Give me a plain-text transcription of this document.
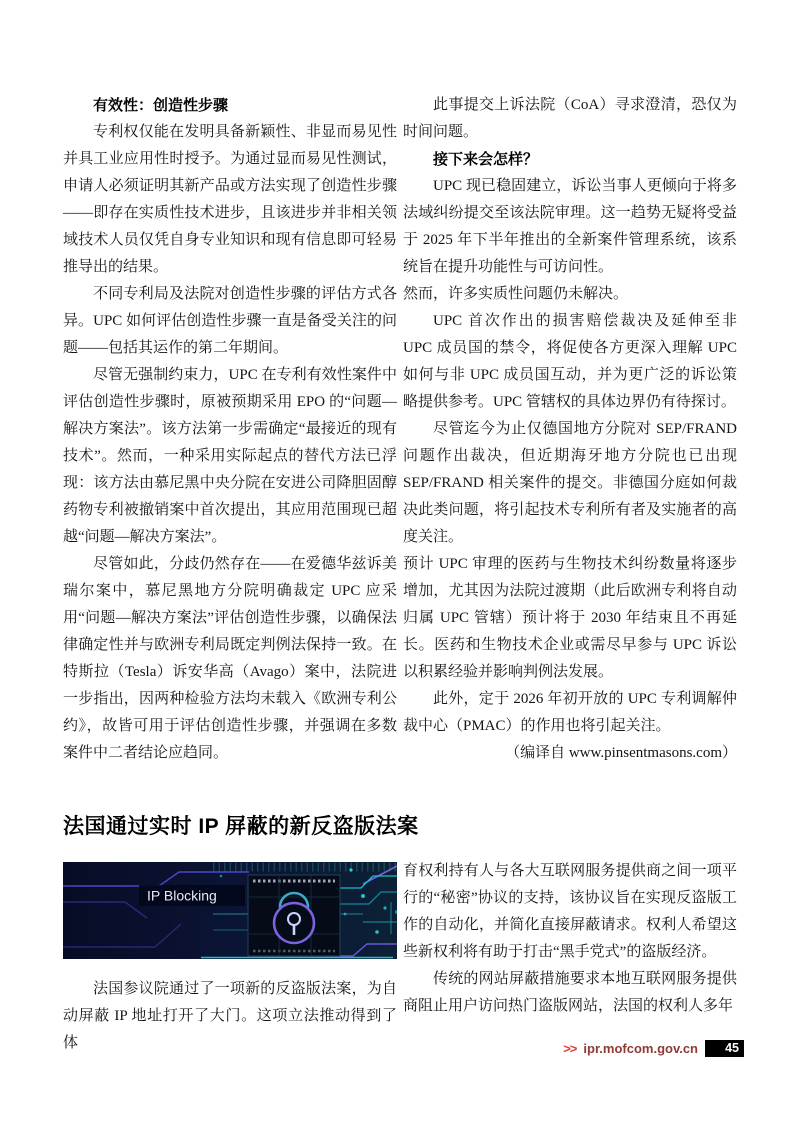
有效性：创造性步骤

专利权仅能在发明具备新颖性、非显而易见性并具工业应用性时授予。为通过显而易见性测试，申请人必须证明其新产品或方法实现了创造性步骤——即存在实质性技术进步，且该进步并非相关领域技术人员仅凭自身专业知识和现有信息即可轻易推导出的结果。

不同专利局及法院对创造性步骤的评估方式各异。UPC 如何评估创造性步骤一直是备受关注的问题——包括其运作的第二年期间。

尽管无强制约束力，UPC 在专利有效性案件中评估创造性步骤时，原被预期采用 EPO 的“问题—解决方案法”。该方法第一步需确定“最接近的现有技术”。然而，一种采用实际起点的替代方法已浮现：该方法由慕尼黑中央分院在安进公司降胆固醇药物专利被撤销案中首次提出，其应用范围现已超越“问题—解决方案法”。

尽管如此，分歧仍然存在——在爱德华兹诉美瑞尔案中，慕尼黑地方分院明确裁定 UPC 应采用“问题—解决方案法”评估创造性步骤，以确保法律确定性并与欧洲专利局既定判例法保持一致。在特斯拉（Tesla）诉安华高（Avago）案中，法院进一步指出，因两种检验方法均未载入《欧洲专利公约》，故皆可用于评估创造性步骤，并强调在多数案件中二者结论应趋同。

此事提交上诉法院（CoA）寻求澄清，恐仅为时间问题。

接下来会怎样？

UPC 现已稳固建立，诉讼当事人更倾向于将多法域纠纷提交至该法院审理。这一趋势无疑将受益于 2025 年下半年推出的全新案件管理系统，该系统旨在提升功能性与可访问性。

然而，许多实质性问题仍未解决。

UPC 首次作出的损害赔偿裁决及延伸至非 UPC 成员国的禁令，将促使各方更深入理解 UPC 如何与非 UPC 成员国互动，并为更广泛的诉讼策略提供参考。UPC 管辖权的具体边界仍有待探讨。

尽管迄今为止仅德国地方分院对 SEP/FRAND 问题作出裁决，但近期海牙地方分院也已出现 SEP/FRAND 相关案件的提交。非德国分庭如何裁决此类问题，将引起技术专利所有者及实施者的高度关注。

预计 UPC 审理的医药与生物技术纠纷数量将逐步增加，尤其因为法院过渡期（此后欧洲专利将自动归属 UPC 管辖）预计将于 2030 年结束且不再延长。医药和生物技术企业或需尽早参与 UPC 诉讼以积累经验并影响判例法发展。

此外，定于 2026 年初开放的 UPC 专利调解仲裁中心（PMAC）的作用也将引起关注。

（编译自 www.pinsentmasons.com）

法国通过实时 IP 屏蔽的新反盗版法案
IP Blocking

法国参议院通过了一项新的反盗版法案，为自动屏蔽 IP 地址打开了大门。这项立法推动得到了体

育权利持有人与各大互联网服务提供商之间一项平行的“秘密”协议的支持，该协议旨在实现反盗版工作的自动化，并简化直接屏蔽请求。权利人希望这些新权利将有助于打击“黑手党式”的盗版经济。

传统的网站屏蔽措施要求本地互联网服务提供商阻止用户访问热门盗版网站，法国的权利人多年

>> ipr.mofcom.gov.cn 45
